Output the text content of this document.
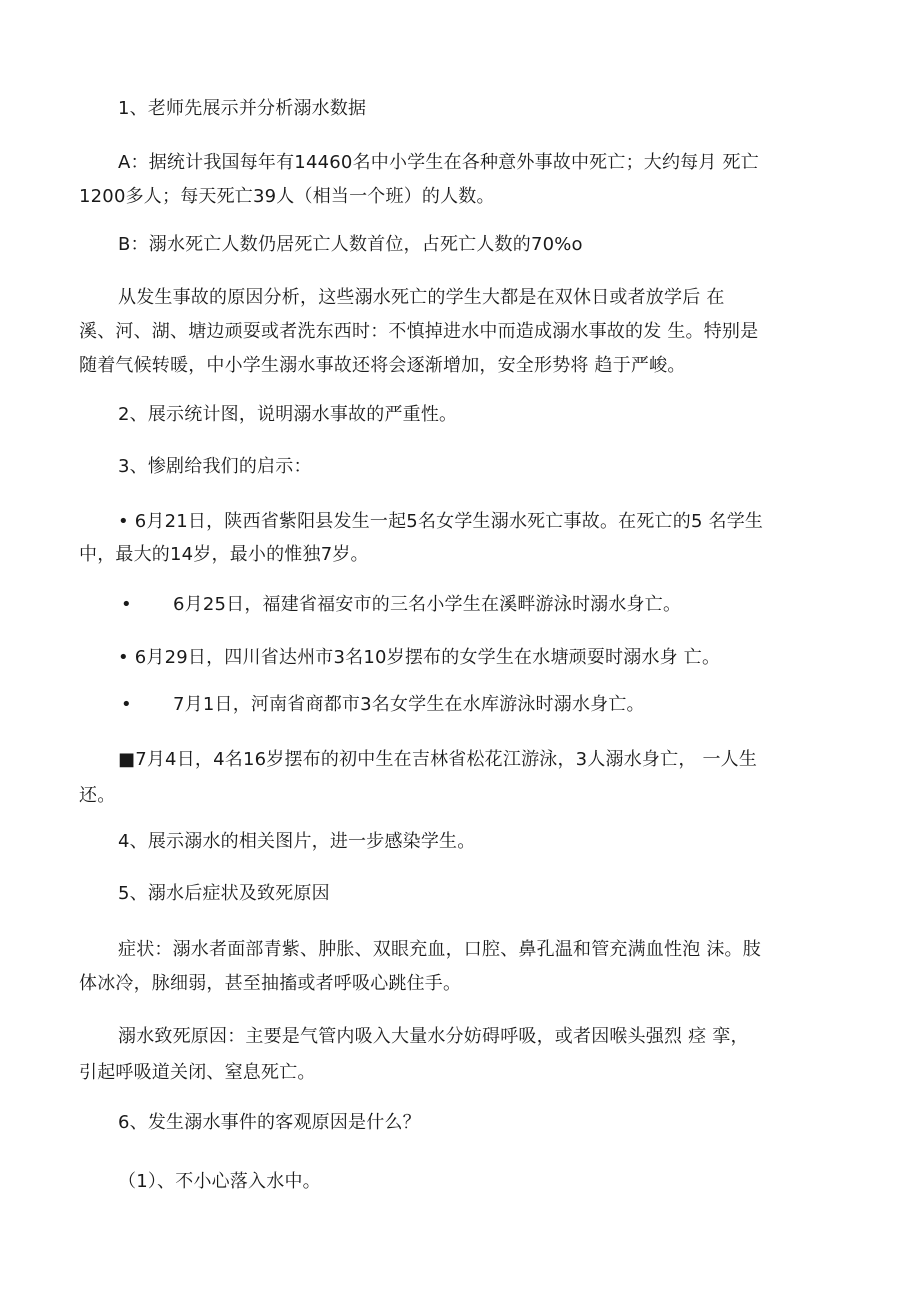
1、老师先展示并分析溺水数据
A：据统计我国每年有14460名中小学生在各种意外事故中死亡；大约每月 死亡
1200多人；每天死亡39人（相当一个班）的人数。
B：溺水死亡人数仍居死亡人数首位，占死亡人数的70%o
从发生事故的原因分析，这些溺水死亡的学生大都是在双休日或者放学后 在
溪、河、湖、塘边顽耍或者洗东西时：不慎掉进水中而造成溺水事故的发 生。特别是
随着气候转暖，中小学生溺水事故还将会逐渐增加，安全形势将 趋于严峻。
2、展示统计图，说明溺水事故的严重性。
3、惨剧给我们的启示：
• 6月21日，陕西省紫阳县发生一起5名女学生溺水死亡事故。在死亡的5 名学生
中，最大的14岁，最小的惟独7岁。
• 6月25日，福建省福安市的三名小学生在溪畔游泳时溺水身亡。
• 6月29日，四川省达州市3名10岁摆布的女学生在水塘顽耍时溺水身 亡。
• 7月1日，河南省商都市3名女学生在水库游泳时溺水身亡。
■7月4日，4名16岁摆布的初中生在吉林省松花江游泳，3人溺水身亡， 一人生
还。
4、展示溺水的相关图片，进一步感染学生。
5、溺水后症状及致死原因
症状：溺水者面部青紫、肿胀、双眼充血，口腔、鼻孔温和管充满血性泡 沫。肢
体冰冷，脉细弱，甚至抽搐或者呼吸心跳住手。
溺水致死原因：主要是气管内吸入大量水分妨碍呼吸，或者因喉头强烈 痉 挛，
引起呼吸道关闭、窒息死亡。
6、发生溺水事件的客观原因是什么？
（1）、不小心落入水中。
